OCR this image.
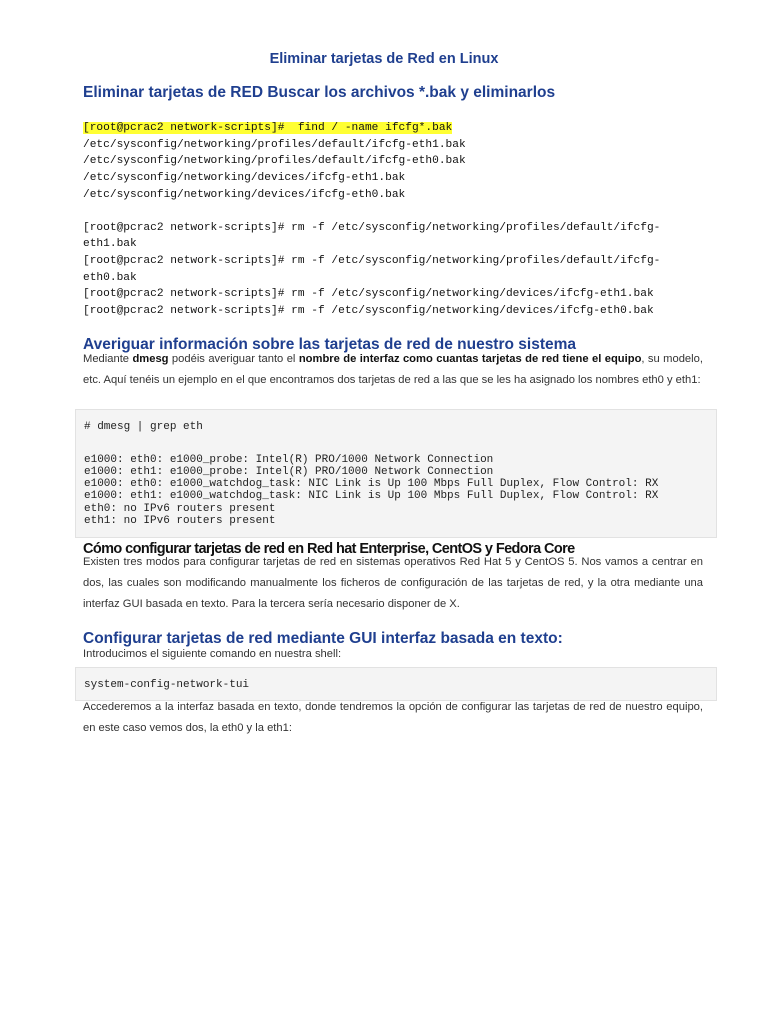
Eliminar tarjetas de Red en Linux
Eliminar tarjetas de RED Buscar los archivos *.bak y eliminarlos
[root@pcrac2 network-scripts]#  find / -name ifcfg*.bak
/etc/sysconfig/networking/profiles/default/ifcfg-eth1.bak
/etc/sysconfig/networking/profiles/default/ifcfg-eth0.bak
/etc/sysconfig/networking/devices/ifcfg-eth1.bak
/etc/sysconfig/networking/devices/ifcfg-eth0.bak
[root@pcrac2 network-scripts]# rm -f /etc/sysconfig/networking/profiles/default/ifcfg-
eth1.bak
[root@pcrac2 network-scripts]# rm -f /etc/sysconfig/networking/profiles/default/ifcfg-
eth0.bak
[root@pcrac2 network-scripts]# rm -f /etc/sysconfig/networking/devices/ifcfg-eth1.bak
[root@pcrac2 network-scripts]# rm -f /etc/sysconfig/networking/devices/ifcfg-eth0.bak
Averiguar información sobre las tarjetas de red de nuestro sistema
Mediante dmesg podéis averiguar tanto el nombre de interfaz como cuantas tarjetas de red tiene el equipo, su modelo, etc. Aquí tenéis un ejemplo en el que encontramos dos tarjetas de red a las que se les ha asignado los nombres eth0 y eth1:
# dmesg | grep eth
e1000: eth0: e1000_probe: Intel(R) PRO/1000 Network Connection
e1000: eth1: e1000_probe: Intel(R) PRO/1000 Network Connection
e1000: eth0: e1000_watchdog_task: NIC Link is Up 100 Mbps Full Duplex, Flow Control: RX
e1000: eth1: e1000_watchdog_task: NIC Link is Up 100 Mbps Full Duplex, Flow Control: RX
eth0: no IPv6 routers present
eth1: no IPv6 routers present
Cómo configurar tarjetas de red en Red hat Enterprise, CentOS y Fedora Core
Existen tres modos para configurar tarjetas de red en sistemas operativos Red Hat 5 y CentOS 5. Nos vamos a centrar en dos, las cuales son modificando manualmente los ficheros de configuración de las tarjetas de red, y la otra mediante una interfaz GUI basada en texto. Para la tercera sería necesario disponer de X.
Configurar tarjetas de red mediante GUI interfaz basada en texto:
Introducimos el siguiente comando en nuestra shell:
system-config-network-tui
Accederemos a la interfaz basada en texto, donde tendremos la opción de configurar las tarjetas de red de nuestro equipo, en este caso vemos dos, la eth0 y la eth1:
